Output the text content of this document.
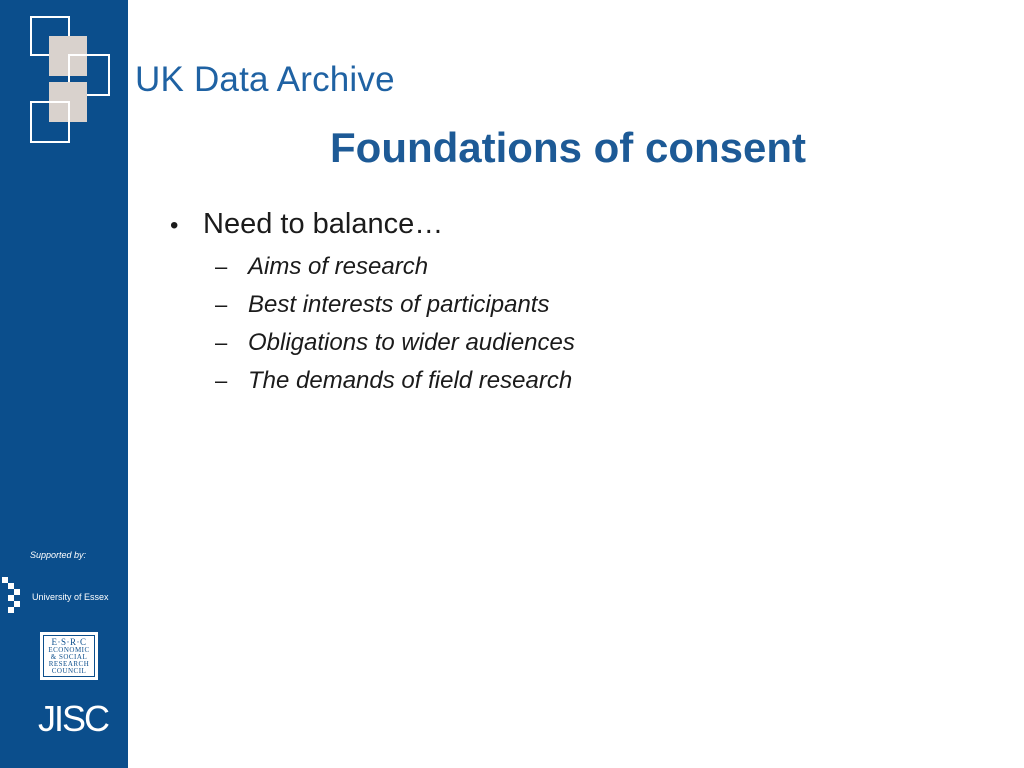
UK Data Archive
Foundations of consent
• Need to balance…
– Aims of research
– Best interests of participants
– Obligations to wider audiences
– The demands of field research
Supported by:
University of Essex
E·S·R·C
ECONOMIC
& SOCIAL
RESEARCH
COUNCIL
JISC
